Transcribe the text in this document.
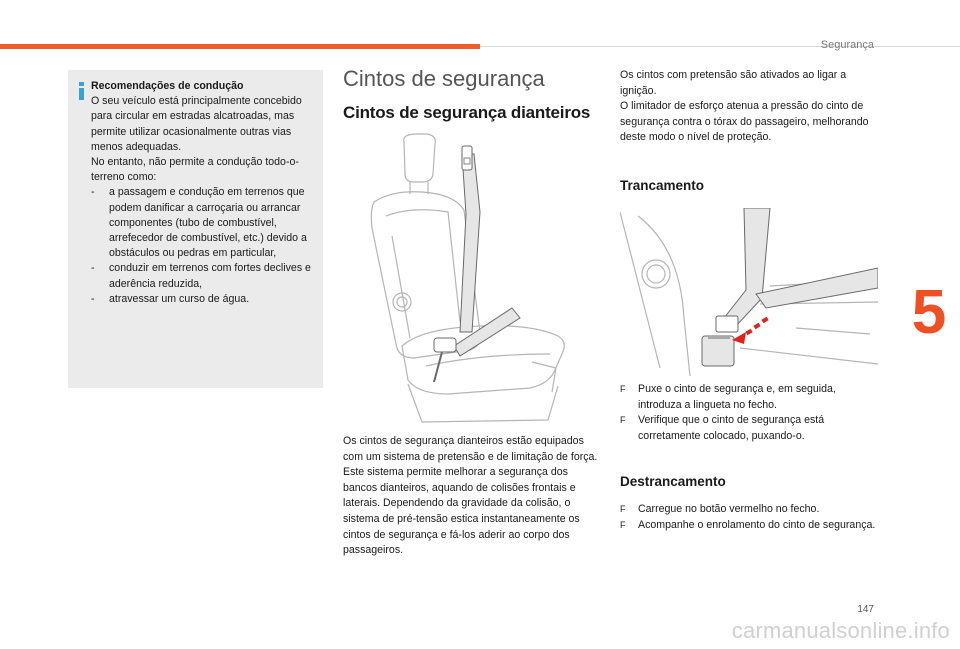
Segurança
5
Recomendações de condução
O seu veículo está principalmente concebido para circular em estradas alcatroadas, mas permite utilizar ocasionalmente outras vias menos adequadas.
No entanto, não permite a condução todo-o-terreno como:
- a passagem e condução em terrenos que podem danificar a carroçaria ou arrancar componentes (tubo de combustível, arrefecedor de combustível, etc.) devido a obstáculos ou pedras em particular,
- conduzir em terrenos com fortes declives e aderência reduzida,
- atravessar um curso de água.
Cintos de segurança
Cintos de segurança dianteiros
Os cintos de segurança dianteiros estão equipados com um sistema de pretensão e de limitação de força.
Este sistema permite melhorar a segurança dos bancos dianteiros, aquando de colisões frontais e laterais. Dependendo da gravidade da colisão, o sistema de pré-tensão estica instantaneamente os cintos de segurança e fá-los aderir ao corpo dos passageiros.
Os cintos com pretensão são ativados ao ligar a ignição.
O limitador de esforço atenua a pressão do cinto de segurança contra o tórax do passageiro, melhorando deste modo o nível de proteção.
Trancamento
F Puxe o cinto de segurança e, em seguida, introduza a lingueta no fecho.
F Verifique que o cinto de segurança está corretamente colocado, puxando-o.
Destrancamento
F Carregue no botão vermelho no fecho.
F Acompanhe o enrolamento do cinto de segurança.
147
carmanualsonline.info
